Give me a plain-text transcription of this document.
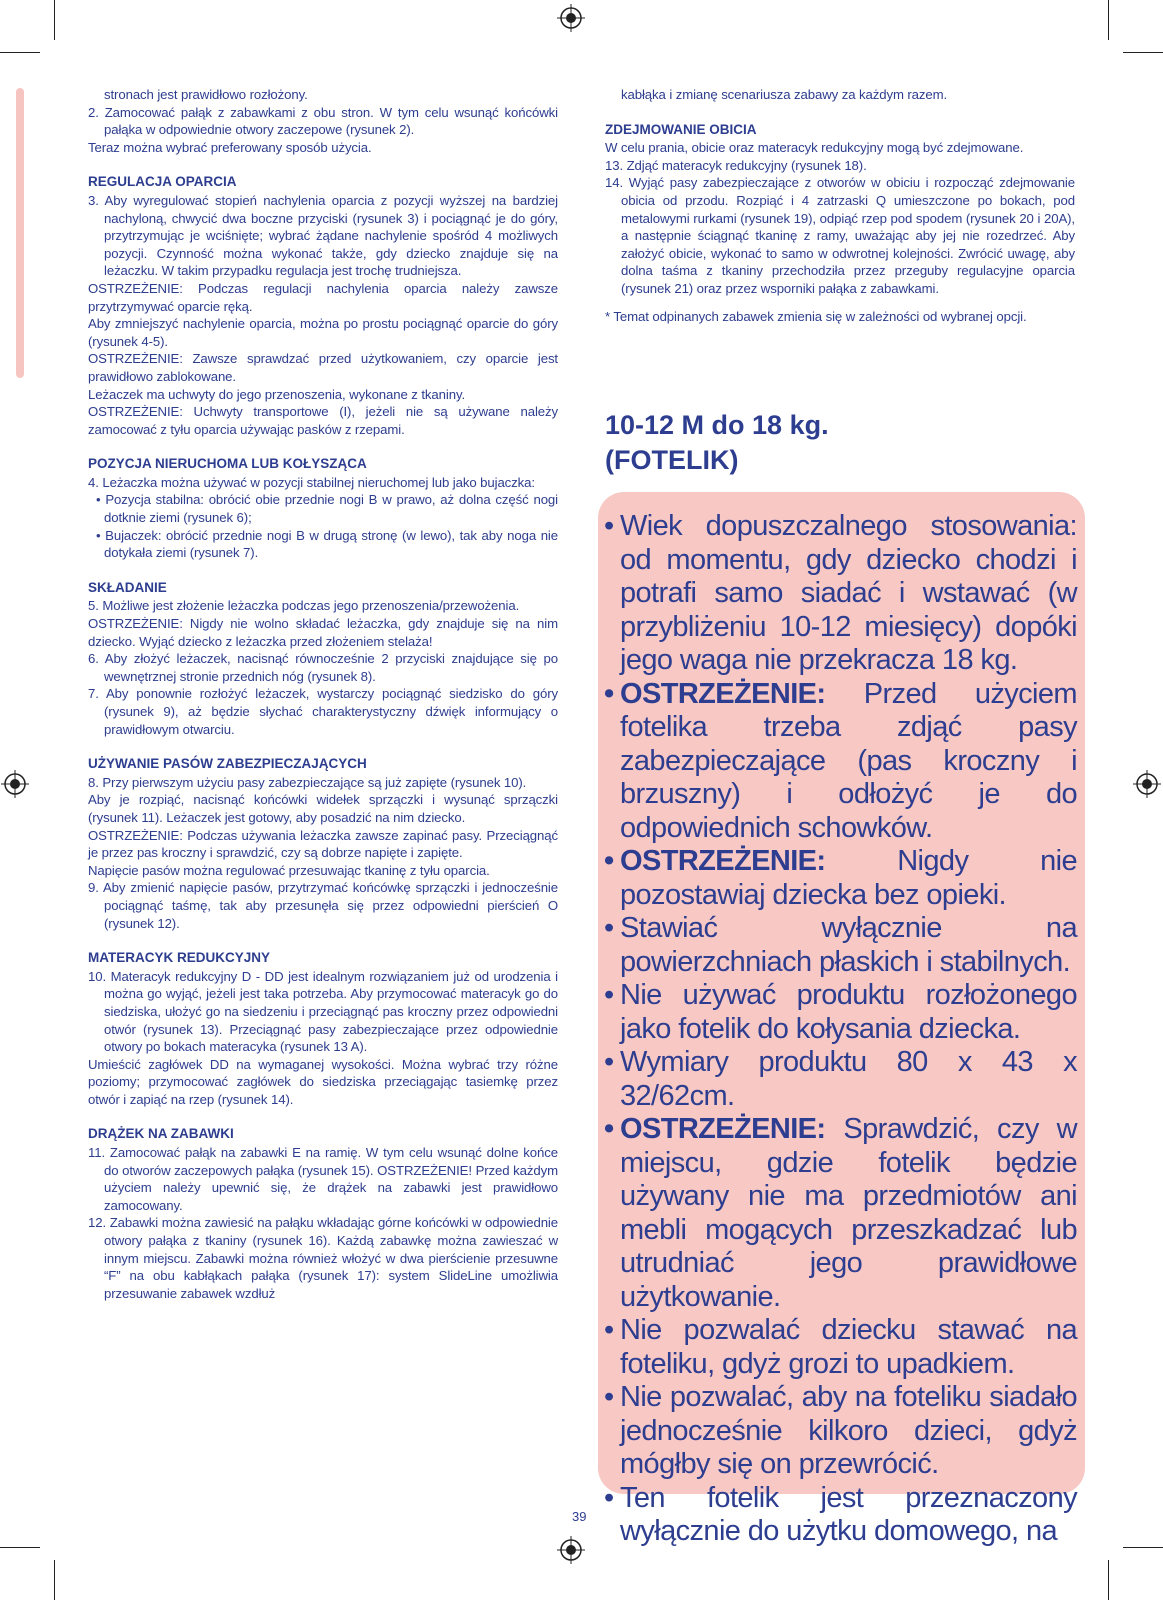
stronach jest prawidłowo rozłożony.

2. Zamocować pałąk z zabawkami z obu stron. W tym celu wsunąć końcówki pałąka w odpowiednie otwory zaczepowe (rysunek 2).

Teraz można wybrać preferowany sposób użycia.

REGULACJA OPARCIA

3. Aby wyregulować stopień nachylenia oparcia z pozycji wyższej na bardziej nachyloną, chwycić dwa boczne przyciski (rysunek 3) i pociągnąć je do góry, przytrzymując je wciśnięte; wybrać żądane nachylenie spośród 4 możliwych pozycji. Czynność można wykonać także, gdy dziecko znajduje się na leżaczku. W takim przypadku regulacja jest trochę trudniejsza.

OSTRZEŻENIE: Podczas regulacji nachylenia oparcia należy zawsze przytrzymywać oparcie ręką.

Aby zmniejszyć nachylenie oparcia, można po prostu pociągnąć oparcie do góry (rysunek 4-5).

OSTRZEŻENIE: Zawsze sprawdzać przed użytkowaniem, czy oparcie jest prawidłowo zablokowane.

Leżaczek ma uchwyty do jego przenoszenia, wykonane z tkaniny.

OSTRZEŻENIE: Uchwyty transportowe (I), jeżeli nie są używane należy zamocować z tyłu oparcia używając pasków z rzepami.

POZYCJA NIERUCHOMA LUB KOŁYSZĄCA

4. Leżaczka można używać w pozycji stabilnej nieruchomej lub jako bujaczka:

• Pozycja stabilna: obrócić obie przednie nogi B w prawo, aż dolna część nogi dotknie ziemi (rysunek 6);

• Bujaczek: obrócić przednie nogi B w drugą stronę (w lewo), tak aby noga nie dotykała ziemi (rysunek 7).

SKŁADANIE

5. Możliwe jest złożenie leżaczka podczas jego przenoszenia/przewożenia.

OSTRZEŻENIE: Nigdy nie wolno składać leżaczka, gdy znajduje się na nim dziecko. Wyjąć dziecko z leżaczka przed złożeniem stelaża!

6. Aby złożyć leżaczek, nacisnąć równocześnie 2 przyciski znajdujące się po wewnętrznej stronie przednich nóg (rysunek 8).

7. Aby ponownie rozłożyć leżaczek, wystarczy pociągnąć siedzisko do góry (rysunek 9), aż będzie słychać charakterystyczny dźwięk informujący o prawidłowym otwarciu.

UŻYWANIE PASÓW ZABEZPIECZAJĄCYCH

8. Przy pierwszym użyciu pasy zabezpieczające są już zapięte (rysunek 10).

Aby je rozpiąć, nacisnąć końcówki widełek sprzączki i wysunąć sprzączki (rysunek 11). Leżaczek jest gotowy, aby posadzić na nim dziecko.

OSTRZEŻENIE: Podczas używania leżaczka zawsze zapinać pasy. Przeciągnąć je przez pas kroczny i sprawdzić, czy są dobrze napięte i zapięte.

Napięcie pasów można regulować przesuwając tkaninę z tyłu oparcia.

9. Aby zmienić napięcie pasów, przytrzymać końcówkę sprzączki i jednocześnie pociągnąć taśmę, tak aby przesunęła się przez odpowiedni pierścień O (rysunek 12).

MATERACYK REDUKCYJNY

10. Materacyk redukcyjny D - DD jest idealnym rozwiązaniem już od urodzenia i można go wyjąć, jeżeli jest taka potrzeba. Aby przymocować materacyk go do siedziska, ułożyć go na siedzeniu i przeciągnąć pas kroczny przez odpowiedni otwór (rysunek 13). Przeciągnąć pasy zabezpieczające przez odpowiednie otwory po bokach materacyka (rysunek 13 A).

Umieścić zagłówek DD na wymaganej wysokości. Można wybrać trzy różne poziomy; przymocować zagłówek do siedziska przeciągając tasiemkę przez otwór i zapiąć na rzep (rysunek 14).

DRĄŻEK NA ZABAWKI

11. Zamocować pałąk na zabawki E na ramię. W tym celu wsunąć dolne końce do otworów zaczepowych pałąka (rysunek 15). OSTRZEŻENIE! Przed każdym użyciem należy upewnić się, że drążek na zabawki jest prawidłowo zamocowany.

12. Zabawki można zawiesić na pałąku wkładając górne końcówki w odpowiednie otwory pałąka z tkaniny (rysunek 16). Każdą zabawkę można zawieszać w innym miejscu. Zabawki można również włożyć w dwa pierścienie przesuwne “F” na obu kabłąkach pałąka (rysunek 17): system SlideLine umożliwia przesuwanie zabawek wzdłuż

kabłąka i zmianę scenariusza zabawy za każdym razem.

ZDEJMOWANIE OBICIA

W celu prania, obicie oraz materacyk redukcyjny mogą być zdejmowane.

13. Zdjąć materacyk redukcyjny (rysunek 18).

14. Wyjąć pasy zabezpieczające z otworów w obiciu i rozpocząć zdejmowanie obicia od przodu. Rozpiąć i 4 zatrzaski Q umieszczone po bokach, pod metalowymi rurkami (rysunek 19), odpiąć rzep pod spodem (rysunek 20 i 20A), a następnie ściągnąć tkaninę z ramy, uważając aby jej nie rozedrzeć. Aby założyć obicie, wykonać to samo w odwrotnej kolejności. Zwrócić uwagę, aby dolna taśma z tkaniny przechodziła przez przeguby regulacyjne oparcia (rysunek 21) oraz przez wsporniki pałąka z zabawkami.

* Temat odpinanych zabawek zmienia się w zależności od wybranej opcji.

10-12 M do 18 kg.
(FOTELIK)
• Wiek dopuszczalnego stosowania: od momentu, gdy dziecko chodzi i potrafi samo siadać i wstawać (w przybliżeniu 10-12 miesięcy) dopóki jego waga nie przekracza 18 kg.
• OSTRZEŻENIE: Przed użyciem fotelika trzeba zdjąć pasy zabezpieczające (pas kroczny i brzuszny) i odłożyć je do odpowiednich schowków.
• OSTRZEŻENIE: Nigdy nie pozostawiaj dziecka bez opieki.
• Stawiać wyłącznie na powierzchniach płaskich i stabilnych.
• Nie używać produktu rozłożonego jako fotelik do kołysania dziecka.
• Wymiary produktu 80 x 43 x 32/62cm.
• OSTRZEŻENIE: Sprawdzić, czy w miejscu, gdzie fotelik będzie używany nie ma przedmiotów ani mebli mogących przeszkadzać lub utrudniać jego prawidłowe użytkowanie.
• Nie pozwalać dziecku stawać na foteliku, gdyż grozi to upadkiem.
• Nie pozwalać, aby na foteliku siadało jednocześnie kilkoro dzieci, gdyż mógłby się on przewrócić.
• Ten fotelik jest przeznaczony wyłącznie do użytku domowego, na
39
